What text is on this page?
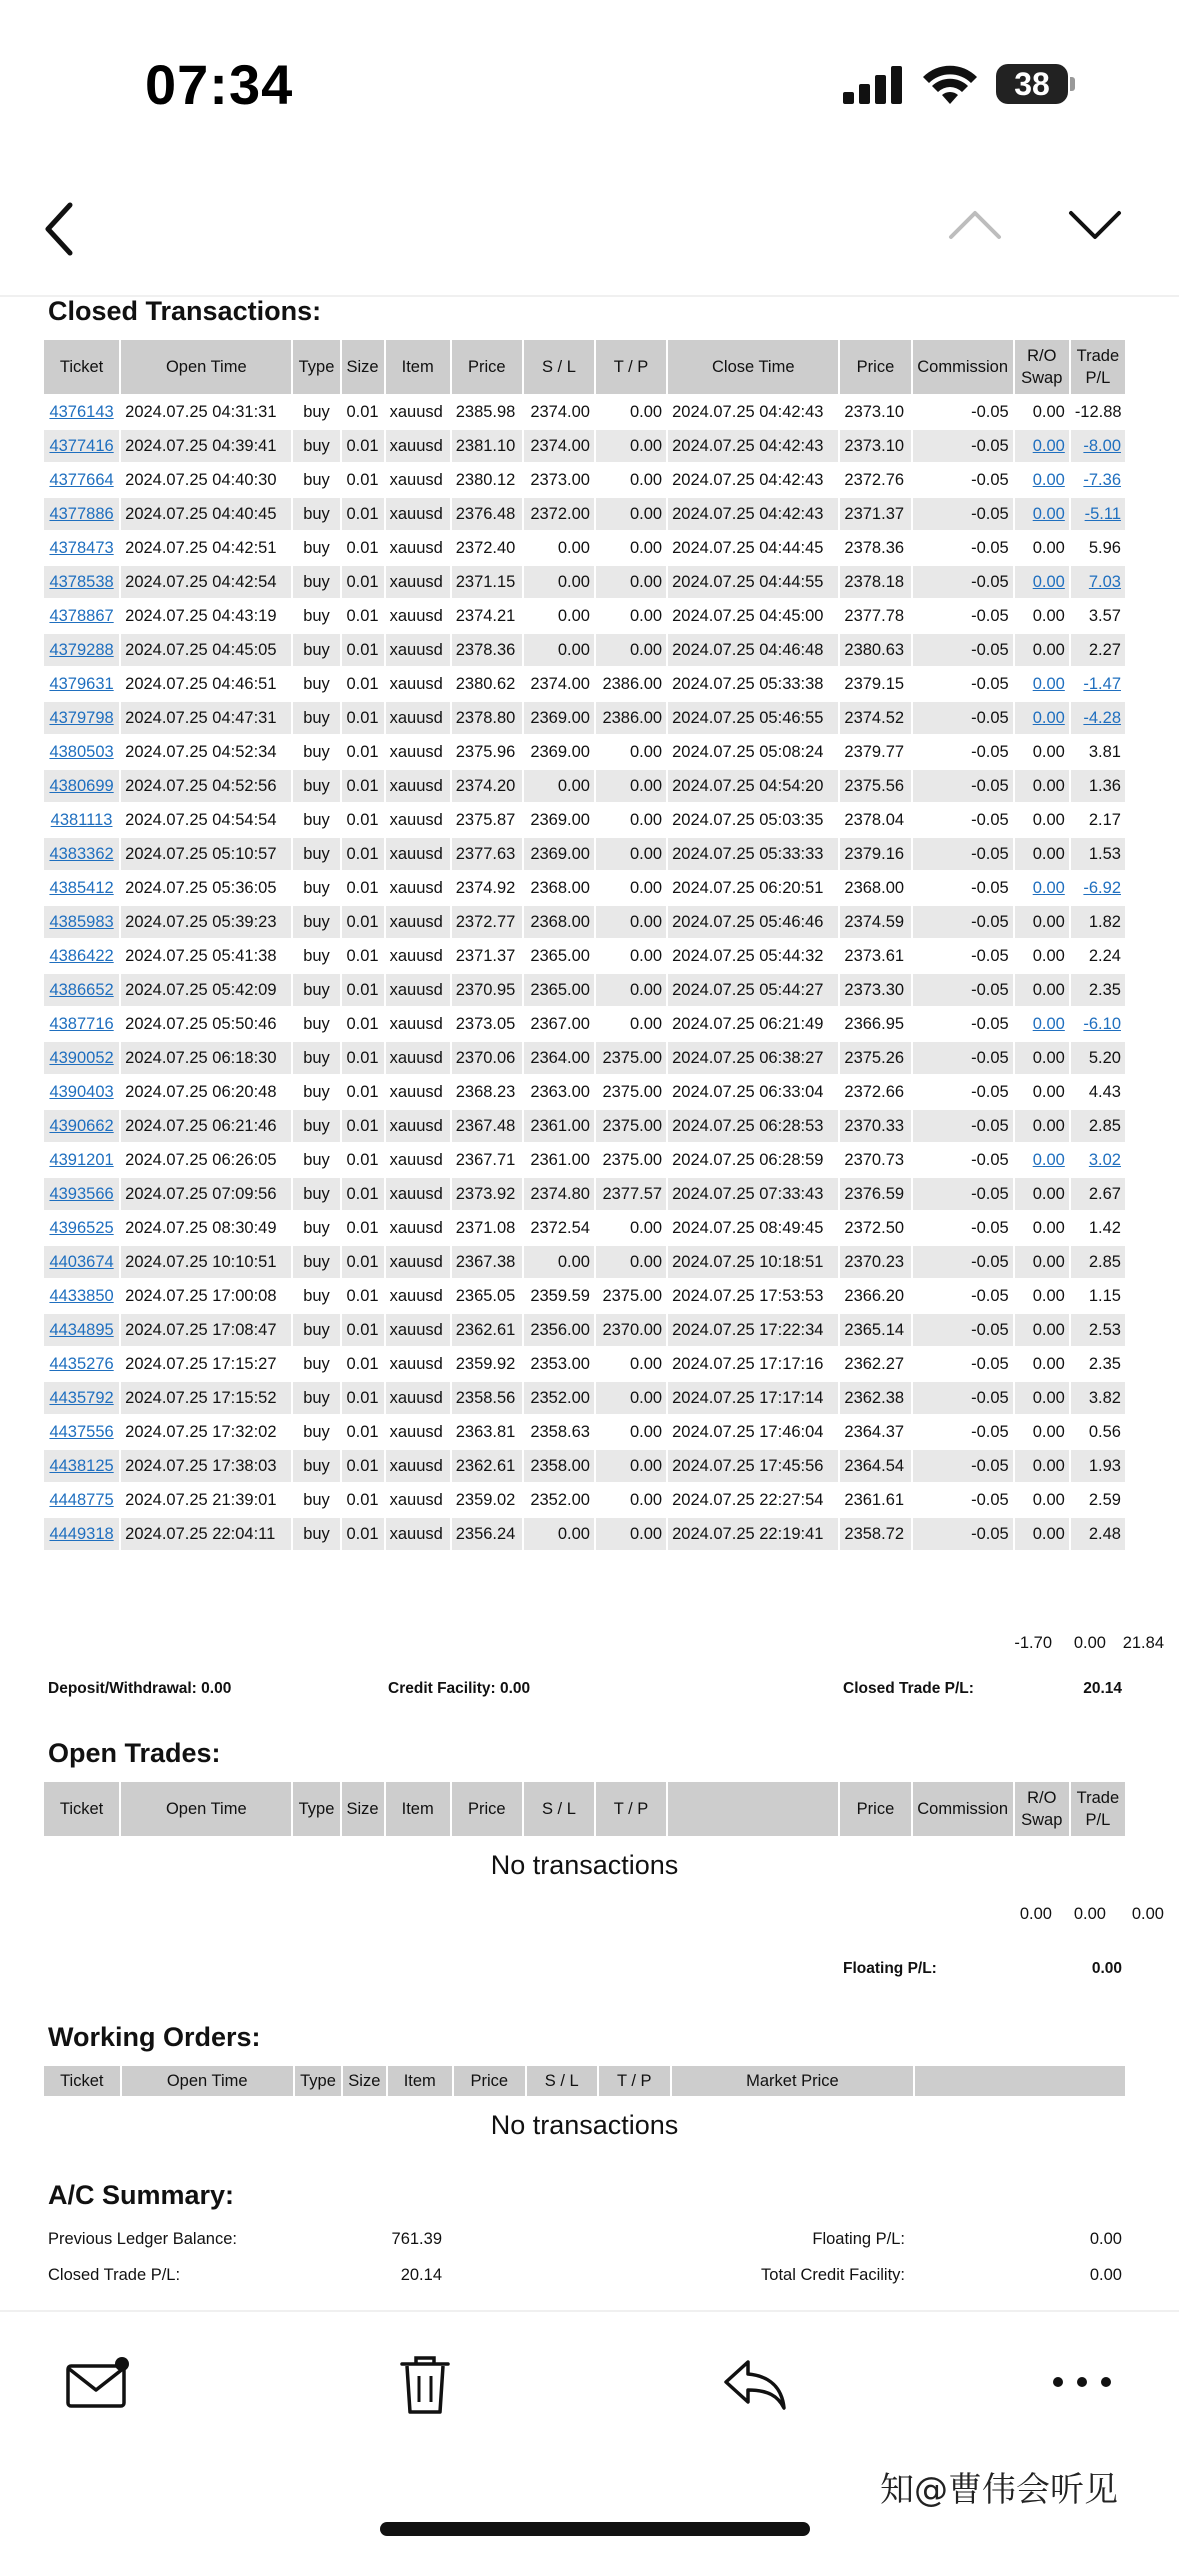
07:34	38
Closed Transactions:
Ticket	Open Time	Type	Size	Item	Price	S / L	T / P	Close Time	Price	Commission	R/O Swap	Trade P/L
4376143	2024.07.25 04:31:31	buy	0.01	xauusd	2385.98	2374.00	0.00	2024.07.25 04:42:43	2373.10	-0.05	0.00	-12.88
4377416	2024.07.25 04:39:41	buy	0.01	xauusd	2381.10	2374.00	0.00	2024.07.25 04:42:43	2373.10	-0.05	0.00	-8.00
4377664	2024.07.25 04:40:30	buy	0.01	xauusd	2380.12	2373.00	0.00	2024.07.25 04:42:43	2372.76	-0.05	0.00	-7.36
4377886	2024.07.25 04:40:45	buy	0.01	xauusd	2376.48	2372.00	0.00	2024.07.25 04:42:43	2371.37	-0.05	0.00	-5.11
4378473	2024.07.25 04:42:51	buy	0.01	xauusd	2372.40	0.00	0.00	2024.07.25 04:44:45	2378.36	-0.05	0.00	5.96
4378538	2024.07.25 04:42:54	buy	0.01	xauusd	2371.15	0.00	0.00	2024.07.25 04:44:55	2378.18	-0.05	0.00	7.03
4378867	2024.07.25 04:43:19	buy	0.01	xauusd	2374.21	0.00	0.00	2024.07.25 04:45:00	2377.78	-0.05	0.00	3.57
4379288	2024.07.25 04:45:05	buy	0.01	xauusd	2378.36	0.00	0.00	2024.07.25 04:46:48	2380.63	-0.05	0.00	2.27
4379631	2024.07.25 04:46:51	buy	0.01	xauusd	2380.62	2374.00	2386.00	2024.07.25 05:33:38	2379.15	-0.05	0.00	-1.47
4379798	2024.07.25 04:47:31	buy	0.01	xauusd	2378.80	2369.00	2386.00	2024.07.25 05:46:55	2374.52	-0.05	0.00	-4.28
4380503	2024.07.25 04:52:34	buy	0.01	xauusd	2375.96	2369.00	0.00	2024.07.25 05:08:24	2379.77	-0.05	0.00	3.81
4380699	2024.07.25 04:52:56	buy	0.01	xauusd	2374.20	0.00	0.00	2024.07.25 04:54:20	2375.56	-0.05	0.00	1.36
4381113	2024.07.25 04:54:54	buy	0.01	xauusd	2375.87	2369.00	0.00	2024.07.25 05:03:35	2378.04	-0.05	0.00	2.17
4383362	2024.07.25 05:10:57	buy	0.01	xauusd	2377.63	2369.00	0.00	2024.07.25 05:33:33	2379.16	-0.05	0.00	1.53
4385412	2024.07.25 05:36:05	buy	0.01	xauusd	2374.92	2368.00	0.00	2024.07.25 06:20:51	2368.00	-0.05	0.00	-6.92
4385983	2024.07.25 05:39:23	buy	0.01	xauusd	2372.77	2368.00	0.00	2024.07.25 05:46:46	2374.59	-0.05	0.00	1.82
4386422	2024.07.25 05:41:38	buy	0.01	xauusd	2371.37	2365.00	0.00	2024.07.25 05:44:32	2373.61	-0.05	0.00	2.24
4386652	2024.07.25 05:42:09	buy	0.01	xauusd	2370.95	2365.00	0.00	2024.07.25 05:44:27	2373.30	-0.05	0.00	2.35
4387716	2024.07.25 05:50:46	buy	0.01	xauusd	2373.05	2367.00	0.00	2024.07.25 06:21:49	2366.95	-0.05	0.00	-6.10
4390052	2024.07.25 06:18:30	buy	0.01	xauusd	2370.06	2364.00	2375.00	2024.07.25 06:38:27	2375.26	-0.05	0.00	5.20
4390403	2024.07.25 06:20:48	buy	0.01	xauusd	2368.23	2363.00	2375.00	2024.07.25 06:33:04	2372.66	-0.05	0.00	4.43
4390662	2024.07.25 06:21:46	buy	0.01	xauusd	2367.48	2361.00	2375.00	2024.07.25 06:28:53	2370.33	-0.05	0.00	2.85
4391201	2024.07.25 06:26:05	buy	0.01	xauusd	2367.71	2361.00	2375.00	2024.07.25 06:28:59	2370.73	-0.05	0.00	3.02
4393566	2024.07.25 07:09:56	buy	0.01	xauusd	2373.92	2374.80	2377.57	2024.07.25 07:33:43	2376.59	-0.05	0.00	2.67
4396525	2024.07.25 08:30:49	buy	0.01	xauusd	2371.08	2372.54	0.00	2024.07.25 08:49:45	2372.50	-0.05	0.00	1.42
4403674	2024.07.25 10:10:51	buy	0.01	xauusd	2367.38	0.00	0.00	2024.07.25 10:18:51	2370.23	-0.05	0.00	2.85
4433850	2024.07.25 17:00:08	buy	0.01	xauusd	2365.05	2359.59	2375.00	2024.07.25 17:53:53	2366.20	-0.05	0.00	1.15
4434895	2024.07.25 17:08:47	buy	0.01	xauusd	2362.61	2356.00	2370.00	2024.07.25 17:22:34	2365.14	-0.05	0.00	2.53
4435276	2024.07.25 17:15:27	buy	0.01	xauusd	2359.92	2353.00	0.00	2024.07.25 17:17:16	2362.27	-0.05	0.00	2.35
4435792	2024.07.25 17:15:52	buy	0.01	xauusd	2358.56	2352.00	0.00	2024.07.25 17:17:14	2362.38	-0.05	0.00	3.82
4437556	2024.07.25 17:32:02	buy	0.01	xauusd	2363.81	2358.63	0.00	2024.07.25 17:46:04	2364.37	-0.05	0.00	0.56
4438125	2024.07.25 17:38:03	buy	0.01	xauusd	2362.61	2358.00	0.00	2024.07.25 17:45:56	2364.54	-0.05	0.00	1.93
4448775	2024.07.25 21:39:01	buy	0.01	xauusd	2359.02	2352.00	0.00	2024.07.25 22:27:54	2361.61	-0.05	0.00	2.59
4449318	2024.07.25 22:04:11	buy	0.01	xauusd	2356.24	0.00	0.00	2024.07.25 22:19:41	2358.72	-0.05	0.00	2.48
-1.70	0.00	21.84
Deposit/Withdrawal: 0.00	Credit Facility: 0.00	Closed Trade P/L:	20.14
Open Trades:
Ticket	Open Time	Type	Size	Item	Price	S / L	T / P		Price	Commission	R/O Swap	Trade P/L
No transactions
0.00	0.00	0.00
Floating P/L:	0.00
Working Orders:
Ticket	Open Time	Type	Size	Item	Price	S / L	T / P	Market Price	
No transactions
A/C Summary:
Previous Ledger Balance:	761.39	Floating P/L:	0.00
Closed Trade P/L:	20.14	Total Credit Facility:	0.00
知@曹伟会听见
